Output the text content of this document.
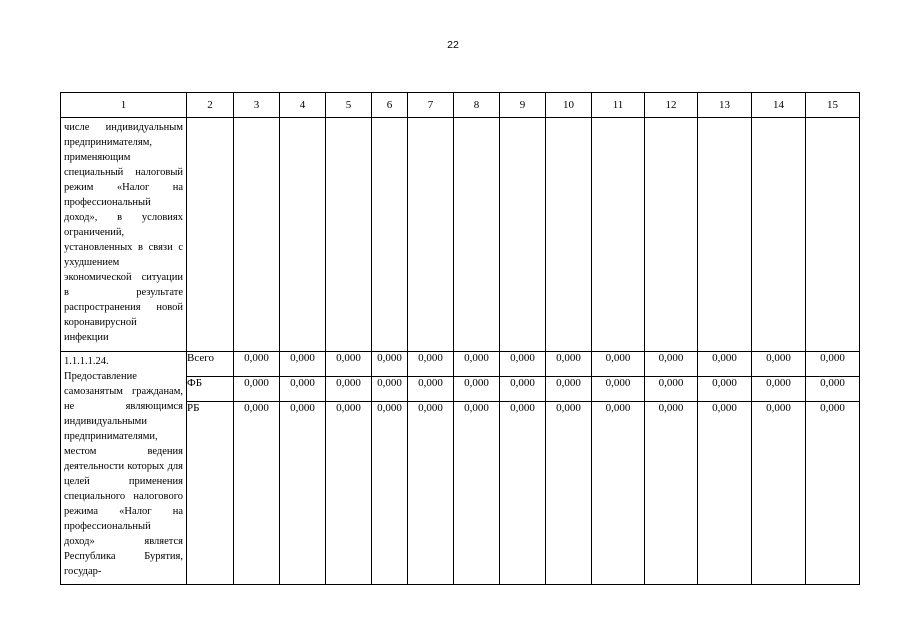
22
1	2	3	4	5	6	7	8	9	10	11	12	13	14	15

числе индивидуальным предпринимателям, применяющим специальный налоговый режим «Налог на профессиональный доход», в условиях ограничений, установленных в связи с ухудшением экономической ситуации в результате распространения новой коронавирусной инфекции														

1.1.1.1.24. Предоставление самозанятым гражданам, не являющимся индивидуальными предпринимателями, местом ведения деятельности которых для целей применения специального налогового режима «Налог на профессиональный доход» является Республика Бурятия, государ-	Всего	0,000	0,000	0,000	0,000	0,000	0,000	0,000	0,000	0,000	0,000	0,000	0,000	0,000
	ФБ	0,000	0,000	0,000	0,000	0,000	0,000	0,000	0,000	0,000	0,000	0,000	0,000	0,000
	РБ	0,000	0,000	0,000	0,000	0,000	0,000	0,000	0,000	0,000	0,000	0,000	0,000	0,000
